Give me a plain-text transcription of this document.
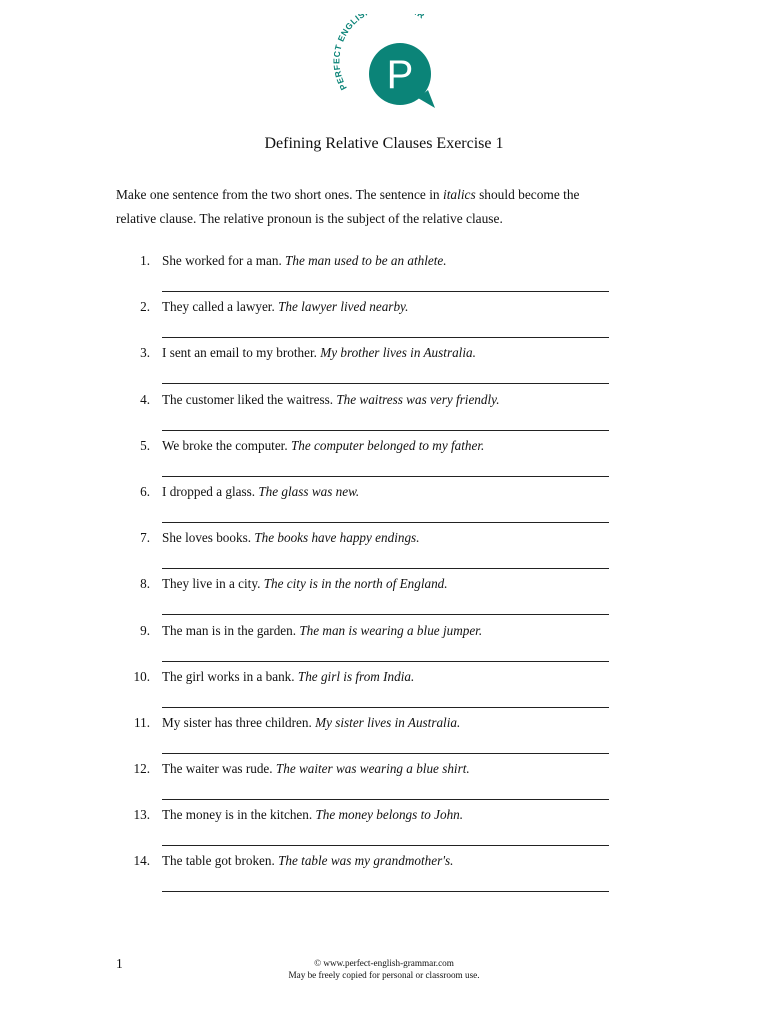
PERFECT ENGLIS R
P
Defining Relative Clauses Exercise 1

Make one sentence from the two short ones. The sentence in italics should become the relative clause. The relative pronoun is the subject of the relative clause.

1. She worked for a man. The man used to be an athlete.
2. They called a lawyer. The lawyer lived nearby.
3. I sent an email to my brother. My brother lives in Australia.
4. The customer liked the waitress. The waitress was very friendly.
5. We broke the computer. The computer belonged to my father.
6. I dropped a glass. The glass was new.
7. She loves books. The books have happy endings.
8. They live in a city. The city is in the north of England.
9. The man is in the garden. The man is wearing a blue jumper.
10. The girl works in a bank. The girl is from India.
11. My sister has three children. My sister lives in Australia.
12. The waiter was rude. The waiter was wearing a blue shirt.
13. The money is in the kitchen. The money belongs to John.
14. The table got broken. The table was my grandmother's.
1	© www.perfect-english-grammar.com
May be freely copied for personal or classroom use.
